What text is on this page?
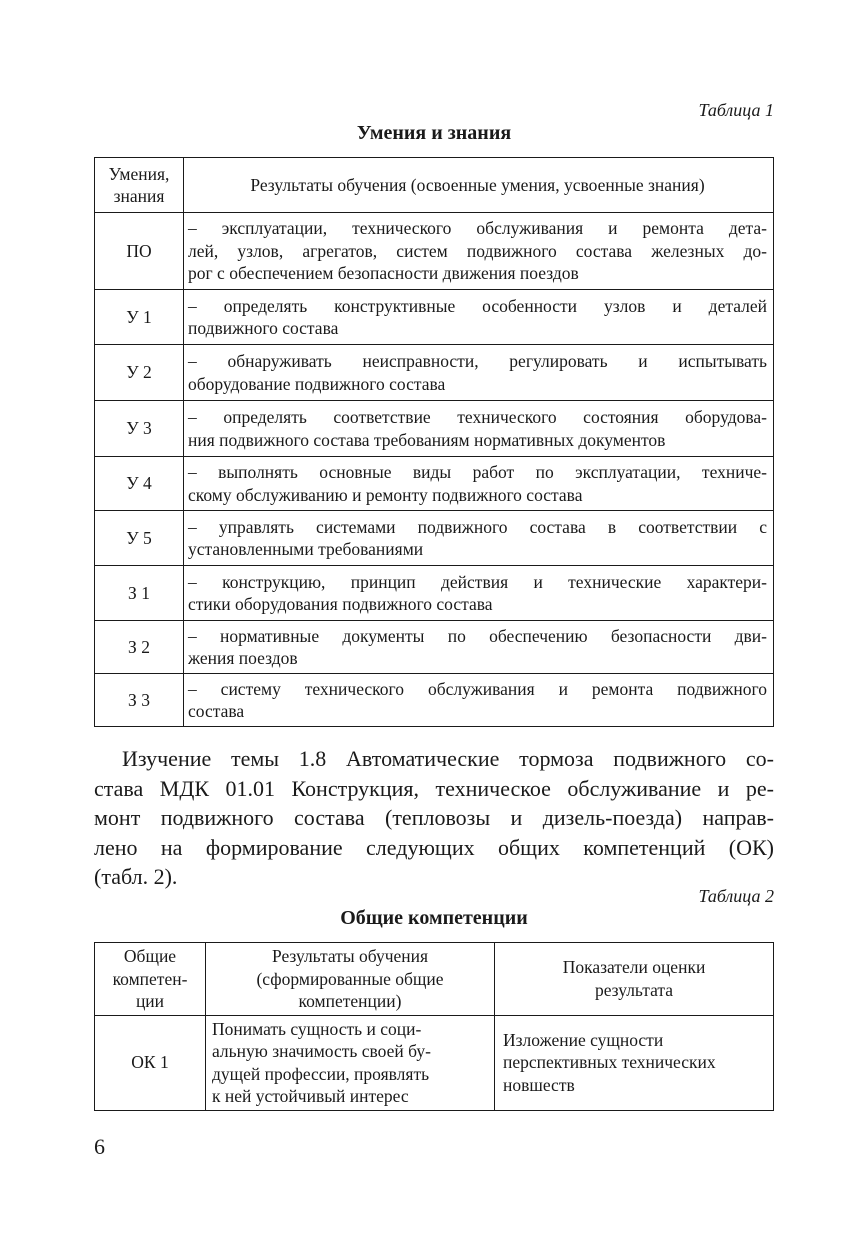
Таблица 1
Умения и знания
Умения,
знания	Результаты обучения (освоенные умения, усвоенные знания)
ПО	– эксплуатации, технического обслуживания и ремонта дета-
лей, узлов, агрегатов, систем подвижного состава железных до-
рог с обеспечением безопасности движения поездов

У 1	– определять конструктивные особенности узлов и деталей
подвижного состава

У 2	– обнаруживать неисправности, регулировать и испытывать
оборудование подвижного состава

У 3	– определять соответствие технического состояния оборудова-
ния подвижного состава требованиям нормативных документов

У 4	– выполнять основные виды работ по эксплуатации, техниче-
скому обслуживанию и ремонту подвижного состава

У 5	– управлять системами подвижного состава в соответствии с
установленными требованиями

З 1	– конструкцию, принцип действия и технические характери-
стики оборудования подвижного состава

З 2	– нормативные документы по обеспечению безопасности дви-
жения поездов

З 3	– систему технического обслуживания и ремонта подвижного
состава
Изучение темы 1.8 Автоматические тормоза подвижного со-
става МДК 01.01 Конструкция, техническое обслуживание и ре-
монт подвижного состава (тепловозы и дизель-поезда) направ-
лено на формирование следующих общих компетенций (ОК)
(табл. 2).
Таблица 2
Общие компетенции
Общие
компетен-
ции	Результаты обучения
(сформированные общие
компетенции)	Показатели оценки
результата

ОК 1	Понимать сущность и соци-
альную значимость своей бу-
дущей профессии, проявлять
к ней устойчивый интерес	Изложение сущности
перспективных технических
новшеств
6
